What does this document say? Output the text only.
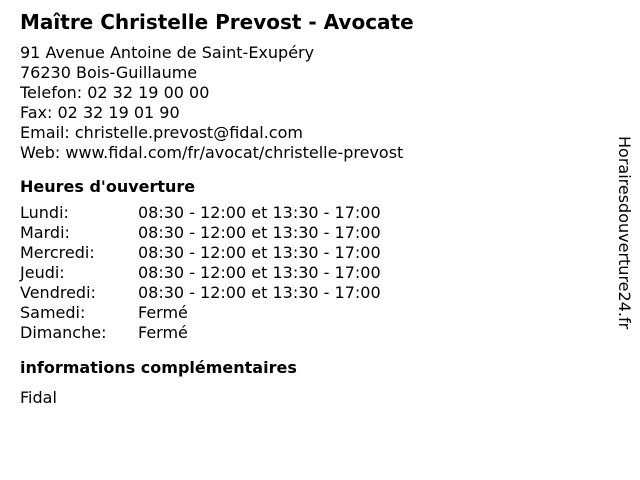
Maître Christelle Prevost - Avocate
91 Avenue Antoine de Saint-Exupéry
76230 Bois-Guillaume
Telefon: 02 32 19 00 00
Fax: 02 32 19 01 90
Email: christelle.prevost@fidal.com
Web: www.fidal.com/fr/avocat/christelle-prevost
Heures d'ouverture
Lundi:	08:30 - 12:00 et 13:30 - 17:00
Mardi:	08:30 - 12:00 et 13:30 - 17:00
Mercredi:	08:30 - 12:00 et 13:30 - 17:00
Jeudi:	08:30 - 12:00 et 13:30 - 17:00
Vendredi:	08:30 - 12:00 et 13:30 - 17:00
Samedi:	Fermé
Dimanche:	Fermé
informations complémentaires
Fidal
Horairesdouverture24.fr
